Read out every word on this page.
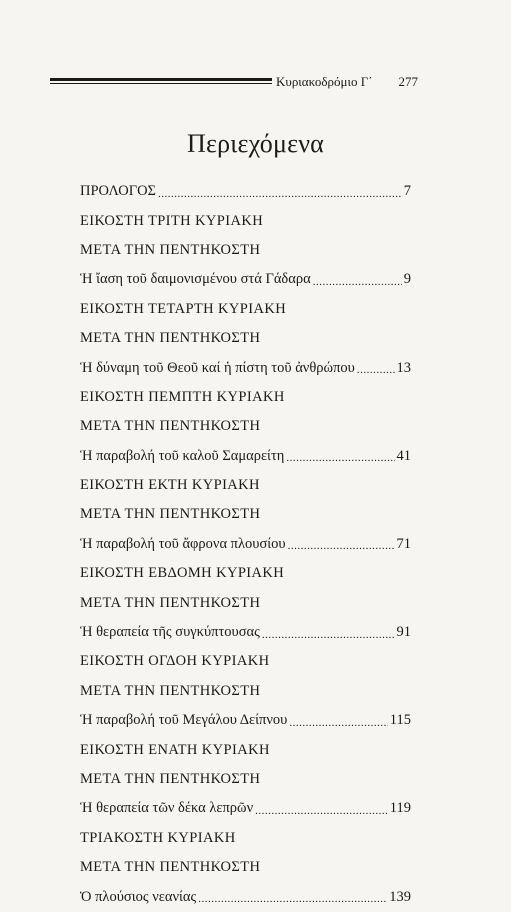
Κυριακοδρόμιο Γ΄	277
Περιεχόμενα
ΠΡΟΛΟΓΟΣ .....	7
ΕΙΚΟΣΤΗ ΤΡΙΤΗ ΚΥΡΙΑΚΗ
ΜΕΤΑ ΤΗΝ ΠΕΝΤΗΚΟΣΤΗ
Ἡ ἴαση τοῦ δαιμονισμένου στά Γάδαρα .....	9
ΕΙΚΟΣΤΗ ΤΕΤΑΡΤΗ ΚΥΡΙΑΚΗ
ΜΕΤΑ ΤΗΝ ΠΕΝΤΗΚΟΣΤΗ
Ἡ δύναμη τοῦ Θεοῦ καί ἡ πίστη τοῦ ἀνθρώπου .....	13
ΕΙΚΟΣΤΗ ΠΕΜΠΤΗ ΚΥΡΙΑΚΗ
ΜΕΤΑ ΤΗΝ ΠΕΝΤΗΚΟΣΤΗ
Ἡ παραβολή τοῦ καλοῦ Σαμαρείτη .....	41
ΕΙΚΟΣΤΗ ΕΚΤΗ ΚΥΡΙΑΚΗ
ΜΕΤΑ ΤΗΝ ΠΕΝΤΗΚΟΣΤΗ
Ἡ παραβολή τοῦ ἄφρονα πλουσίου .....	71
ΕΙΚΟΣΤΗ ΕΒΔΟΜΗ ΚΥΡΙΑΚΗ
ΜΕΤΑ ΤΗΝ ΠΕΝΤΗΚΟΣΤΗ
Ἡ θεραπεία τῆς συγκύπτουσας .....	91
ΕΙΚΟΣΤΗ ΟΓΔΟΗ ΚΥΡΙΑΚΗ
ΜΕΤΑ ΤΗΝ ΠΕΝΤΗΚΟΣΤΗ
Ἡ παραβολή τοῦ Μεγάλου Δείπνου .....	115
ΕΙΚΟΣΤΗ ΕΝΑΤΗ ΚΥΡΙΑΚΗ
ΜΕΤΑ ΤΗΝ ΠΕΝΤΗΚΟΣΤΗ
Ἡ θεραπεία τῶν δέκα λεπρῶν .....	119
ΤΡΙΑΚΟΣΤΗ ΚΥΡΙΑΚΗ
ΜΕΤΑ ΤΗΝ ΠΕΝΤΗΚΟΣΤΗ
Ὁ πλούσιος νεανίας .....	139
